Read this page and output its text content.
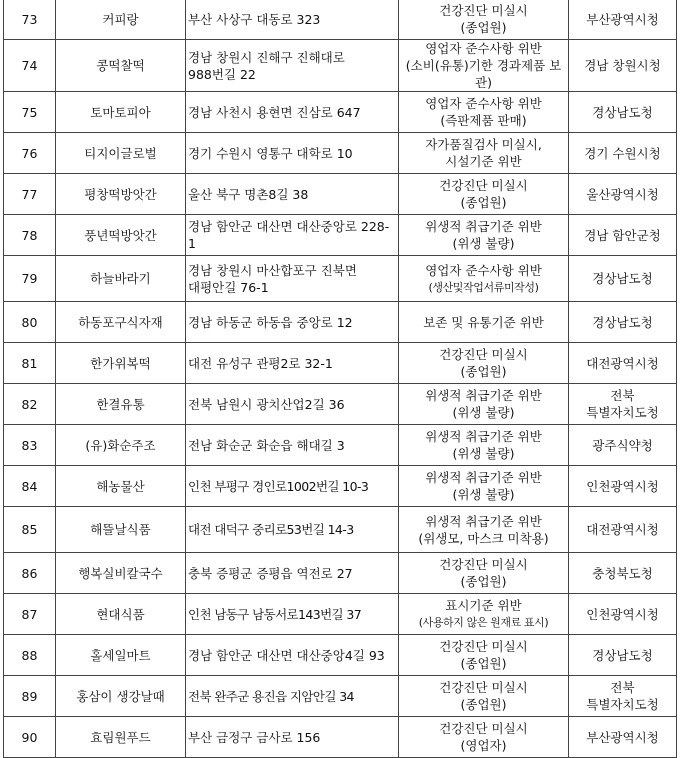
73	커피랑	부산 사상구 대동로 323	건강진단 미실시
(종업원)	부산광역시청

74	콩떡찰떡	경남 창원시 진해구 진해대로 988번길 22	영업자 준수사항 위반
(소비(유통)기한 경과제품 보
관)	경남 창원시청

75	토마토피아	경남 사천시 용현면 진삼로 647	영업자 준수사항 위반
(즉판제품 판매)	경상남도청

76	티지이글로벌	경기 수원시 영통구 대학로 10	자가품질검사 미실시,
시설기준 위반	경기 수원시청

77	평창떡방앗간	울산 북구 명촌8길 38	건강진단 미실시
(종업원)	울산광역시청

78	풍년떡방앗간	경남 함안군 대산면 대산중앙로 228-1	위생적 취급기준 위반
(위생 불량)	경남 함안군청

79	하늘바라기	경남 창원시 마산합포구 진북면 대평안길 76-1	영업자 준수사항 위반
(생산및작업서류미작성)	경상남도청

80	하동포구식자재	경남 하동군 하동읍 중앙로 12	보존 및 유통기준 위반	경상남도청

81	한가위복떡	대전 유성구 관평2로 32-1	건강진단 미실시
(종업원)	대전광역시청

82	한결유통	전북 남원시 광치산업2길 36	위생적 취급기준 위반
(위생 불량)	전북
특별자치도청

83	(유)화순주조	전남 화순군 화순읍 해대길 3	위생적 취급기준 위반
(위생 불량)	광주식약청

84	해농물산	인천 부평구 경인로1002번길 10-3	위생적 취급기준 위반
(위생 불량)	인천광역시청

85	해뜰날식품	대전 대덕구 중리로53번길 14-3	위생적 취급기준 위반
(위생모, 마스크 미착용)	대전광역시청

86	행복실비칼국수	충북 증평군 증평읍 역전로 27	건강진단 미실시
(종업원)	충청북도청

87	현대식품	인천 남동구 남동서로143번길 37	표시기준 위반
(사용하지 않은 원재료 표시)	인천광역시청

88	홀세일마트	경남 함안군 대산면 대산중앙4길 93	건강진단 미실시
(종업원)	경상남도청

89	홍삼이 생강날때	전북 완주군 용진읍 지암안길 34	건강진단 미실시
(종업원)	전북
특별자치도청

90	효림원푸드	부산 금정구 금사로 156	건강진단 미실시
(영업자)	부산광역시청
